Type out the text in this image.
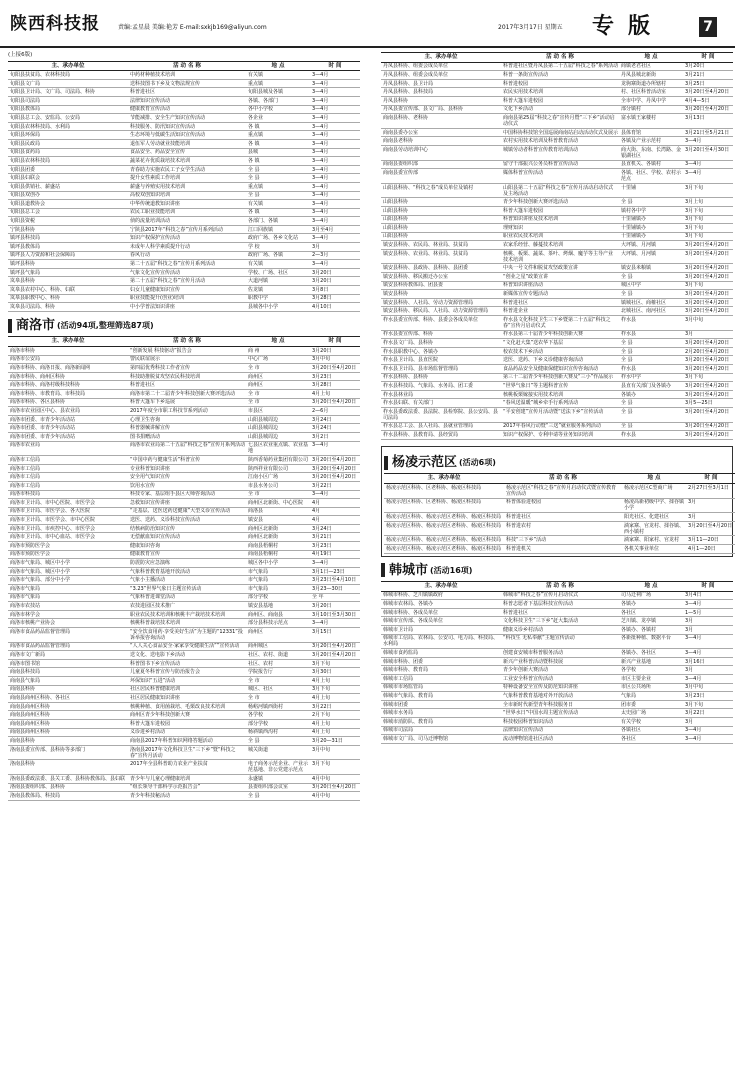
陕西科技报	责编:孟星晨 美编:艳芳 E-mail:sxkjb169@aliyun.com	2017年3月17日 星期五 专版	7
(上接6版)
主、承办单位	活 动 名 称	地 点	时 间
旬阳县扶贫局、农林科技局	中药材种植技术培训	有关镇	3—4月
旬阳县文广局	送科技图书下乡及文物法规宣传	重点镇	3—4月
旬阳县卫计局、文广局、司法局、科协	科普进社区	旬阳县城及各镇	3—4月
旬阳县司法局	法律知识宣传活动	各镇、各部门	3—4月
旬阳县教体局	健康教育宣传活动	各中小学校	3—4月
旬阳县总工会、安监局、公安局	节能减排、安全生产知识宣传活动	各企业	3—4月
旬阳县农林科技局、水利局	科技服务、防汛知识宣传活动	各 镇	3—4月
旬阳县环保局	生态环境与低碳生活知识宣传活动	重点镇	3—4月
旬阳县民政局	退伍军人劳动就业技能培训	各 镇	3—4月
旬阳县食药局	食品安全、药品安全宣传	县城	3—4月
旬阳县农林科技局	蔬菜花卉优质栽培技术培训	各 镇	3—4月
旬阳县团委	青春助力实施农民工子女学生活动	全 县	3—4月
旬阳县妇联会	提升女性素质工作培训	全 县	3—4月
旬阳县供销社、薪盛站	薪盛与养殖实用技术培训	重点镇	3—4月
旬阳县双创办	高校双创知识培训	全 县	3—4月
旬阳县道教协会	中华传统道教知识讲座	有关镇	3—4月
旬阳县总工会	农民工职业技能培训	各 镇	3—4月
旬阳县资税	侦的流量培训活动	各部门、各镇	3—4月
宁陕县科协	宁陕县2017年“科技之春”宣传月系列活动	江口回族镇	3月至4月
镇坪县科技局	知识产权保护宣传活动	政府广场、各乡文化站	3—4月
镇坪县教体局	未成年人科学素质提升行动	学 校	3月
镇坪县人力资源和社会保障局	春风行动	政府广场、各镇	2—3月
镇坪县科协	第二十五届“科技之春”宣传月系列活动	有关镇	3—4月
镇坪县气象局	气象文化宣传宣传活动	学校、广场、社区	3月20日
岚皋县科协	第二十五届“科技之春”宣传月活动	大道河镇	3月20日
岚皋县农村中心、科协、妇联	妇女儿童健康知识宣传	佐龙镇	3月8日
岚皋县职教中心、科协	职业技能提升(创业)培训	职教中学	3月28日
岚皋县司法局、科协	中小学普法知识讲座	县城各中小学	4月10日
商洛市 (活动94项,整理筛选87项)
主、承办单位	活 动 名 称	地 点	时 间
商洛市科协	“创新发展 科技驱动”报告会	商 州	3月20日
商洛市公安局	警民联谊展示	中心广场	3月中旬
商洛市科协、商洛日报、商洛新闻网	第四届优秀科技工作者宣传	全 市	3月20日至4月20日
商洛市科协、商州区科协	科技助推脱贫攻坚农民科技培训	商州区	3月23日
商洛市科协、商洛村级科技科协	科普进社区	商州区	3月28日
商洛市科协、市教育局、市科技局	商洛市第二十二届青少年科技创新大赛评选活动	全 市	4月上旬
商洛市科协、各区县科协	科普大篷车下乡巡展	全 市	3月20日至4月20日
商洛市农业园区中心、县农业局	2017年度全市职工科技节系列活动	市县区	2—6月
商洛市团委、市青少年活动站	心理卫生咨询	山阳县城周边	3月24日
商洛市团委、市青少年活动站	科普器械讲解宣传	山阳县城周边	3月24日
商洛市团委、市青少年活动站	图书捐赠活动	山阳县城周边	3月2日
商洛市农业局	商洛市农业局第二十五届“科技之春”宣传月系列活动	七县区农业重点镇、农业基地	3—4月
商洛市工信局	“中国中药与健康生活”科普宣传	陕西香菊药业集团有限公司	3月20日至4月20日
商洛市工信局	专业科普知识讲座	陕西祥业有限公司	3月20日至4月20日
商洛市工信局	安全用气知识宣传	江南小区广场	3月20日至4月20日
商洛市工信局	饮用水宣传	市县水务公司	3月22日
商洛市科技局	科技专家、基层组手县区大师咨询活动	全 市	3—4月
商洛市卫计局、市中心医院、市医学会	急救知识宣传讲座	商州区北新街、中心医院	4月
商洛市卫计局、市医学会、各大医院	“走基层、送医送药送健康”大型义诊宣传活动	商洛县	4月
商洛市卫计局、市医学会、市中心医院	送医、送药、义诊科技宣传活动	镇安县	4月
商洛市卫计局、市疾控中心、市医学会	结核病防治知识宣传	商州区北新街	3月24日
商洛市卫计局、市中心血站、市医学会	无偿献血知识宣传活动	商州区北新街	3月21日
商洛市预防医学会	健康知识咨询	商南县梧桐村	3月23日
商洛市预防医学会	健康教育宣传	商南县梧桐村	4月19日
商洛市气象局、城区中小学	防震防灾应急演练	城区各中小学	3—4月
商洛市气象局、城区中小学	气象科普教育基地开放活动	市气象局	3月1日—23日
商洛市气象局、部分中小学	气象小主播活动	市气象局	3月23日至4月10日
商洛市气象局	“3.23”世界气象日主题宣传活动	市气象局	3月23—30日
商洛市气象局	气象科普进课堂活动	部分学校	全 年
商洛市农技站	农技进园区技术推广	镇安县基地	3月20日
商洛市林学会	职业农民技术培训和核桃丰产栽培技术培训	商州区、商南县	3月10日至3月30日
商洛市核桃产业协会	核桃科普栽培技术培训	部分县科技示范点	3—4月
商洛市食品药品监督管理局	“安全饮食用药·享受美好生活”为主题的“12331”投诉举报咨询活动	商州区	3月15日
商洛市食品药品监督管理局	“人人关心食品安全·家家享受健康生活””宣传活动	商州城区	3月20日至4月20日
商洛市文广新局	送文化、送电影下乡活动	社区、农村、街道	3月20日至4月20日
商洛市图书馆	科普图书下乡宣传活动	社区、农村	3月下旬
商南县科技局	儿童夏冬科普宣传与防治报告会	学院报告厅	3月30日
商南县气象局	坏保知识“五进”活动	全 市	4月上旬
商南县科协	社区居民科普健康培训	城区、社区	3月下旬
商南县商州区科协、各社区	社区居民健康知识讲座	全 市	4月上旬
商南县商州区科协	核桃种植、食用菌栽培、毛栗改良技术培训	杨峪河镇西街村	3月22日
商南县商州区科协	商州区青少年科技创新大赛	各学校	2月下旬
商南县商州区科协	科普大篷车进校园	部分学校	4月上旬
商南县商州区科协	义诊进乡村活动	杨斜镇西沟村	4月上旬
商南县科协	商南县2017年科普知识网络答题活动	全 县	3月20—31日
洛南县委宣传部、县科协等多部门	洛南县2017年文化科技卫生“三下乡”暨“科技之春”宣传月活动	城关街道	3月中旬
洛南县科协	2017年全县科普助力农业产业扶贫	电子商务示范企业、产业示范基地、非公党建示范点	3月下旬
洛南县委政法委、县关工委、县科协教体局、县妇联	青少年与儿童心理健康培训	永盛镇	4月中旬
洛南县委组织部、县科协	“组长领导干部科学示范报告会”	县委组织部会议室	3月20日至4月20日
洛南县教体局、科技局	青少年科技秘活动	全 县	4月中旬
主、承办单位	活 动 名 称	地 点	时 间
丹凤县科协、组委会成员单位	科普进社区暨丹凤县第二十五届“科技之春”系列活动	商镇老君社区	3月20日
丹凤县科协、组委会成员单位	科普一条街宣传活动	丹凤县城北新街	3月21日
丹凤县科协、县卫计局	科普进校园	龙驹寨街道办所辖村	3月25日
丹凤县科协、县科技局	农民实用技术培训	村、社区科普活动室	3月20日至4月20日
丹凤县科协	科普大篷车进校园	全市中学、丹凤中学	4月4—5日
丹凤县委宣传部、县文广局、县科协	文化下乡活动	部分镇村	3月20日至4月20日
商南县科协、老科协	商南县第25届“科技之春”宣传月暨“三下乡”活动启动仪式	富水镇王家楼村	3月13日
商南县委办公室	中国科协科技馆全国巡展商南站启动活动仪式及展示	县体育馆	3月21日至5月21日
商南县老科协	农村实用技术培训及科普教育活动	各镇及产业示范村	3—4月
商南县劳动培训中心	城镇劳动者科普宣传教育培训活动	商大街、东南、长湾路、金银湖社区	3月20日至4月30日
商南县委组织部	留守干部振兴公务员科普宣传活动	县直机关、各镇村	3—4月
商南县委宣传部	媒体科普宣传活动	各镇、社区、学校、农村示范点	3—4月
山阳县科协、“科技之春”成员单位及镇村	山阳县第二十五届“科技之春”宣传月活动启动仪式及主场活动	十里铺	3月下旬
山阳县科协	青少年科技创新大赛评选活动	全 县	3月上旬
山阳县科协	科普大篷车进校园	镇村各中学	3月下旬
山阳县科协	科普知识讲座及技术培训	十里铺镇办	3月下旬
山阳县科协	理财知识	十里铺镇办	3月下旬
山阳县科协	职业农民技术培训	十里铺镇办	3月下旬
镇安县科协、农民局、林业局、扶贫局	农家乐经营、藤蔓技术培训	大坪镇、月河镇	3月20日至4月20日
镇安县科协、农业局、林业局、扶贫局	核桃、板栗、蔬菜、茶叶、烤烟、魔芋等主导产业技术培训	大坪镇、月河镇	3月20日至4月20日
镇安县科协、县政协、县科协、县团委	中央一号文件和脱贫攻坚政策宣讲	镇安县米粮镇	3月20日至4月20日
镇安县科协、移民搬迁办公室	“创业之星”政策宣讲	全 县	3月20日至4月20日
镇安县科协教体局、团县委	科普知识讲座活动	城区中学	3月下旬
镇安县科协	新媒体宣传专题活动	全 县	3月20日至4月20日
镇安县科协、人社局、劳动力资源管理局	科普进社区	镇城社区、商榷社区	3月20日至4月20日
镇安县科协、移民局、人社局、动力资源管理局	科普进企业	北城社区、南河社区	3月20日至4月20日
柞水县委宣传部、科协、县委会各成员单位	柞水县文化科技卫生三下乡暨第二十五届“科技之春”宣传月启动仪式	柞水县	3月中旬
柞水县委宣传部、科协	柞水县第三十届青少年科技创新大赛	柞水县	3月
柞水县文广局、县科协	“文化赶大集”送农华下基层	全 县	3月20日至4月20日
柞水县职教中心、各镇办	校农技术下乡活动	全 县	2月20日至4月20日
柞水县卫计局、县直医院	送医、送药、下乡义诊健康咨询活动	全 县	3月20日至4月20日
柞水县卫计局、县市场监督管理局	食品药品安全及健康保健知识宣传咨询活动	柞水县	3月20日至4月20日
柞水县科协、县科协	第三十二届青少年科技创新大赛及“三小”作品展示	柞水中学	3月下旬
柞水县科技局、气象局、水务局、团工委	“世界气象日”等主题科普宣传	县直有关部门及各镇办	3月20日至4月20日
柞水县林业局	核桃板栗嫁接实用技术培训	各镇办	3月20日至4月20日
柞水县妇联、有关部门	“春风送温暖”城乡牵手行系列活动	全 县	3月5—25日
柞水县委政法委、县法院、县检察院、县公安局、县司法局	“平安创建”宣传月活动暨“送法下乡”宣传活动	全 县	3月20日至4月20日
柞水县总工会、县人社局、县就业管理局	2017年春风行动暨“三送”就业服务系列活动	全 县	3月20日至4月20日
柞水县科协、县教育局、县经贸局	知识产权保护、专利申请等业务知识培训	柞水县	3月20日至4月20日
杨凌示范区 (活动6项)
主、承办单位	活 动 名 称	地 点	时 间
杨凌示范区科协、区老科协、杨凌区科技局	杨凌示范区“科技之春”宣传月启动仪式暨宣传教育宣传活动	杨凌示范区C型商广场	2月27日至3月1日
杨凌示范区科协、区老科协、杨凌区科技局	科普体验进校园	杨凌高新初级中学、揉谷镇小学	3月
杨凌示范区科协、杨凌示范区老科协、杨凌区科技局	科普进社区	阳光社区、化建社区	3月
杨凌示范区科协、杨凌示范区老科协、杨凌区科技局	科普进农村	淌家寨、官龙村、揉谷镇、西小镇村	3月20日至4月20日
杨凌示范区科协、杨凌示范区老科协、杨凌区科技局	科技“三下乡”活动	淌家寨、阳家村、官龙村	3月11—20日
杨凌示范区科协、杨凌示范区老科协、杨凌区科技局	科普进机关	各机关事业单位	4月1—20日
韩城市 (活动16项)
主、承办单位	活 动 名 称	地 点	时 间
韩城市科协、芝川镇镇政府	韩城市“科技之春”宣传月启动仪式	司马迁祠广场	3月4日
韩城市农林局、各镇办	科普志愿者下基层科技宣传活动	各镇办	3—4月
韩城市科协、各成员单位	科普进社区	各社区	1—5月
韩城市宣传部、各成员单位	文化科技卫生“三下乡”赶大集活动	芝川镇、龙亭镇	3月
韩城市卫计局	健康义诊乡村活动	各镇办、各镇村	3月
韩城市工信局、农林局、公安司、电力局、科技局、水利局	“科技生 无私奉献”主题宣传活动	各新批种植、数据平台	3—4月
韩城市食药监局	创建食安城市科普服务活动	各镇办、各社区	3—4月
韩城市科协、团委	新兴产业科普活动暨科技展	新兴产业基地	3月16日
韩城市科协、教育局	青少年创新大赛活动	各学校	3月
韩城市工信局	工业安全科普宣传活动	市区主要企业	3—4月
韩城市市场监管局	特种设备安全宣传及防范知识讲座	市区公共场所	3月中旬
韩城市气象局、教育局	气象科普教育基地对外开放活动	气象局	3月23日
韩城市团委	全市新时代新型青年科技服务日	团市委	3月下旬
韩城市水务局	“世界水日”中国水周主题宣传活动	太史园广场	3月22日
韩城市消防队、教育局	科技校园科普知识活动	有关学校	3月
韩城市司法局	法律知识宣传活动	各镇社区	3—4月
韩城市文广局、司马迁博物馆	流动博物馆进社区活动	各社区	3—4月
